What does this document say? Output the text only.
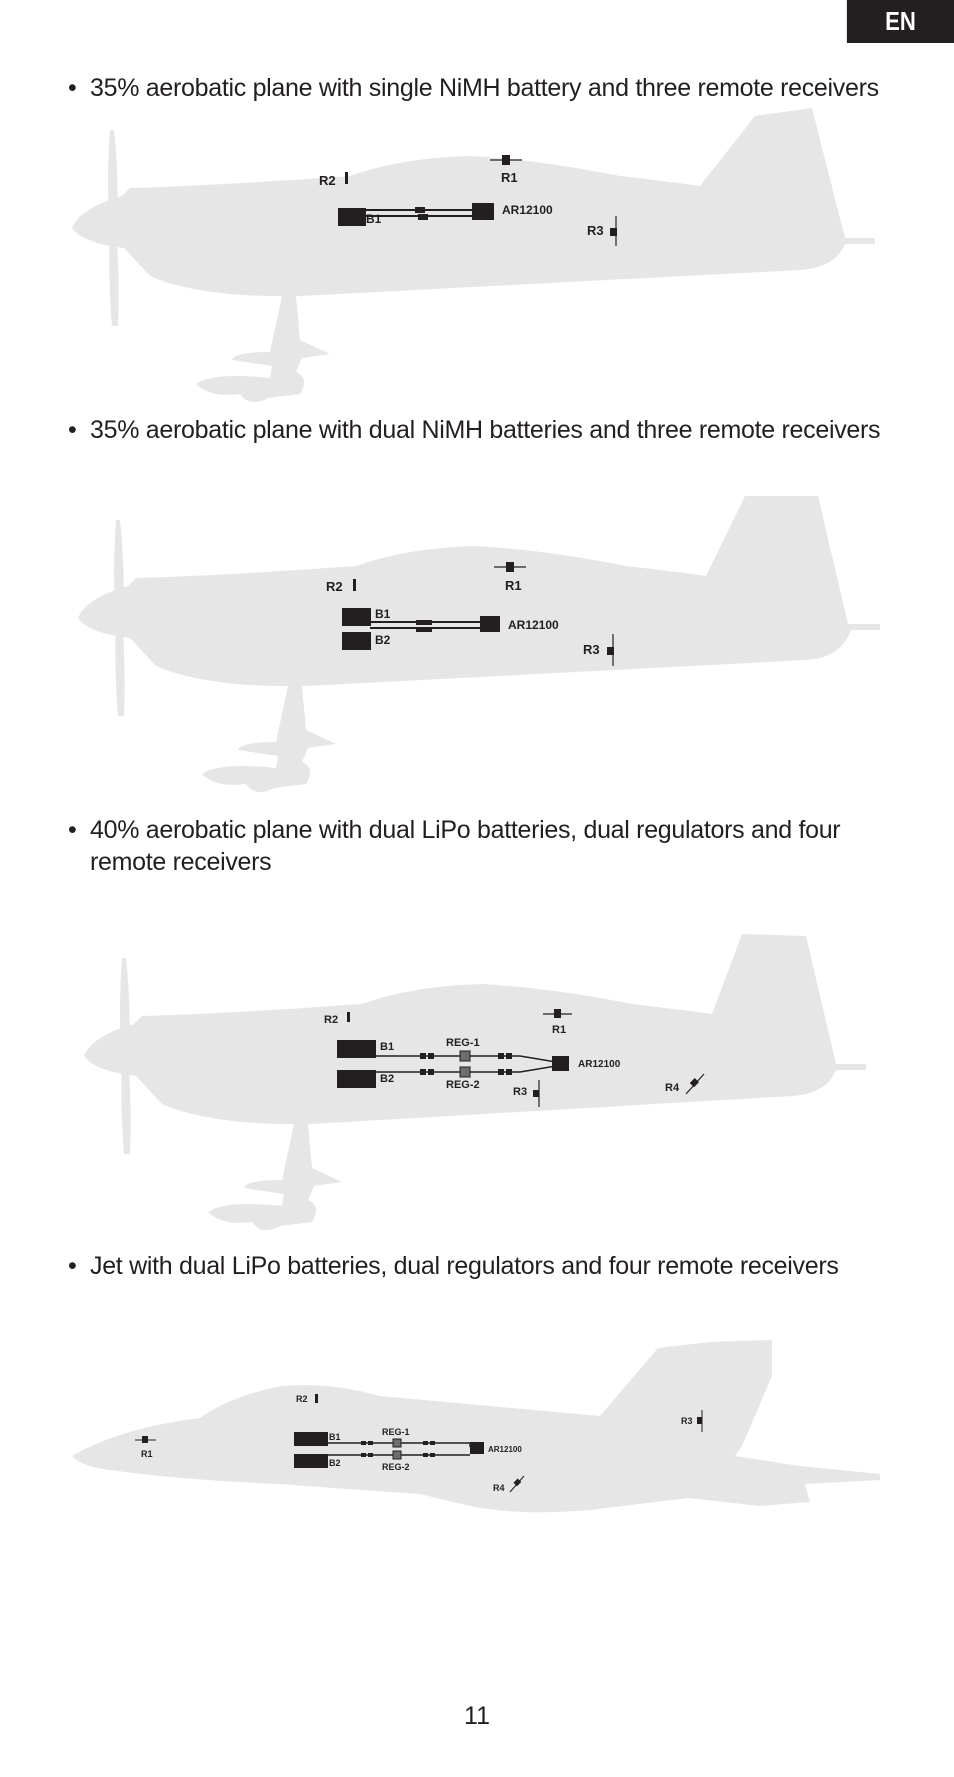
EN
• 35% aerobatic plane with single NiMH battery and three remote receivers
R2	R1
B1
AR12100
R3
• 35% aerobatic plane with dual NiMH batteries and three remote receivers
R2	R1
B1
B2
AR12100
R3
• 40% aerobatic plane with dual LiPo batteries, dual regulators and four remote receivers
R2
R1
B1
B2
REG-1
REG-2
AR12100
R3	R4
• Jet with dual LiPo batteries, dual regulators and four remote receivers
R2
R1
B1
B2
REG-1
REG-2
AR12100
R3
R4
11
